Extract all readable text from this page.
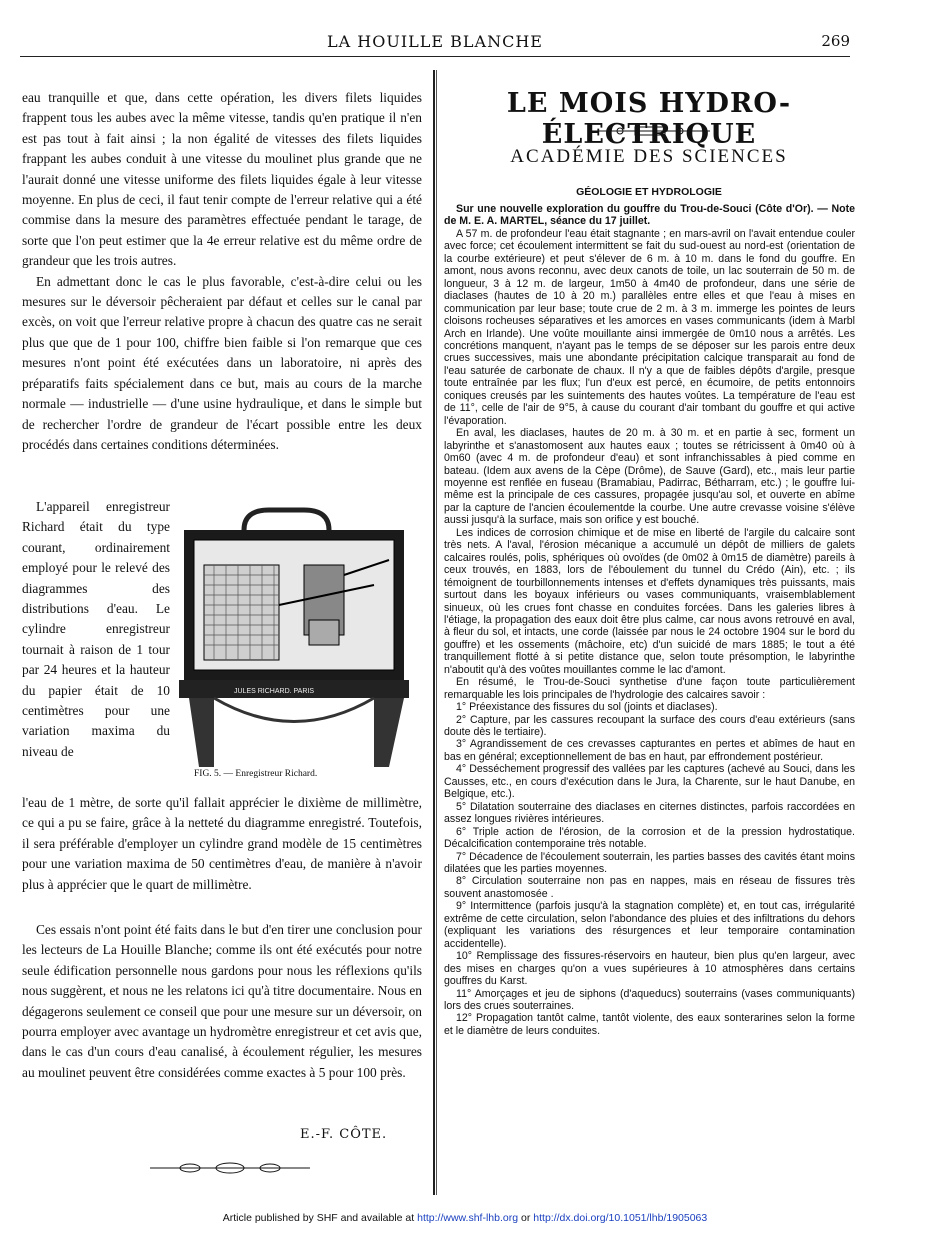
LA HOUILLE BLANCHE	269

eau tranquille et que, dans cette opération, les divers filets liquides frappent tous les aubes avec la même vitesse, tandis qu'en pratique il n'en est pas tout à fait ainsi ; la non égalité de vitesses des filets liquides frappant les aubes conduit à une vitesse du moulinet plus grande que ne l'aurait donné une vitesse uniforme des filets liquides égale à leur vitesse moyenne. En plus de ceci, il faut tenir compte de l'erreur relative qui a été commise dans la mesure des paramètres effectuée pendant le tarage, de sorte que l'on peut estimer que la 4e erreur relative est du même ordre de grandeur que les trois autres.

En admettant donc le cas le plus favorable, c'est-à-dire celui ou les mesures sur le déversoir pêcheraient par défaut et celles sur le canal par excès, on voit que l'erreur relative propre à chacun des quatre cas ne serait plus que que de 1 pour 100, chiffre bien faible si l'on remarque que ces mesures n'ont point été exécutées dans un laboratoire, ni après des préparatifs faits spécialement dans ce but, mais au cours de la marche normale — industrielle — d'une usine hydraulique, et dans le simple but de rechercher l'ordre de grandeur de l'écart possible entre les deux procédés dans certaines conditions déterminées.

L'appareil enregistreur Richard était du type courant, ordinairement employé pour le relevé des diagrammes des distributions d'eau. Le cylindre enregistreur tournait à raison de 1 tour par 24 heures et la hauteur du papier était de 10 centimètres pour une variation maxima du niveau de

JULES RICHARD. PARIS
FIG. 5. — Enregistreur Richard.

l'eau de 1 mètre, de sorte qu'il fallait apprécier le dixième de millimètre, ce qui a pu se faire, grâce à la netteté du diagramme enregistré. Toutefois, il sera préférable d'employer un cylindre grand modèle de 15 centimètres pour une variation maxima de 50 centimètres d'eau, de manière à n'avoir plus à apprécier que le quart de millimètre.

Ces essais n'ont point été faits dans le but d'en tirer une conclusion pour les lecteurs de La Houille Blanche; comme ils ont été exécutés pour notre seule édification personnelle nous gardons pour nous les réflexions qu'ils nous suggèrent, et nous ne les relatons ici qu'à titre documentaire. Nous en dégagerons seulement ce conseil que pour une mesure sur un déversoir, on pourra employer avec avantage un hydromètre enregistreur et cet avis que, dans le cas d'un cours d'eau canalisé, à écoulement régulier, les mesures au moulinet peuvent être considérées comme exactes à 5 pour 100 près.

E.-F. CÔTE.
LE MOIS HYDRO-ÉLECTRIQUE
ACADÉMIE DES SCIENCES
GÉOLOGIE ET HYDROLOGIE

Sur une nouvelle exploration du gouffre du Trou-de-Souci (Côte d'Or). — Note de M. E. A. MARTEL, séance du 17 juillet.

A 57 m. de profondeur l'eau était stagnante ; en mars-avril on l'avait entendue couler avec force; cet écoulement intermittent se fait du sud-ouest au nord-est (orientation de la courbe extérieure) et peut s'élever de 6 m. à 10 m. dans le fond du gouffre. En amont, nous avons reconnu, avec deux canots de toile, un lac souterrain de 50 m. de longueur, 3 à 12 m. de largeur, 1m50 à 4m40 de profondeur, dans une série de diaclases (hautes de 10 à 20 m.) parallèles entre elles et que l'eau à mises en communication par leur base; toute crue de 2 m. à 3 m. immerge les pointes de leurs cloisons rocheuses séparatives et les amorces en vases communicants (idem à Marbl Arch en Irlande). Une voûte mouillante ainsi immergée de 0m10 nous a arrêtés. Les concrétions manquent, n'ayant pas le temps de se déposer sur les parois entre deux crues successives, mais une abondante précipitation calcique transparait au fond de l'eau saturée de carbonate de chaux. Il n'y a que de faibles dépôts d'argile, presque toute entraînée par les flux; l'un d'eux est percé, en écumoire, de petits entonnoirs coniques creusés par les suintements des hautes voûtes. La température de l'eau est de 11°, celle de l'air de 9°5, à cause du courant d'air tombant du gouffre et qui active l'évaporation.

En aval, les diaclases, hautes de 20 m. à 30 m. et en partie à sec, forment un labyrinthe et s'anastomosent aux hautes eaux ; toutes se rétricissent à 0m40 où à 0m60 (avec 4 m. de profondeur d'eau) et sont infranchissables à pied comme en bateau. (Idem aux avens de la Cèpe (Drôme), de Sauve (Gard), etc., mais leur partie moyenne est renflée en fuseau (Bramabiau, Padirrac, Bétharram, etc.) ; le gouffre lui-même est la principale de ces cassures, propagée jusqu'au sol, et ouverte en abîme par la capture de l'ancien écoulementde la courbe. Une autre crevasse voisine s'élève aussi jusqu'à la surface, mais son orifice y est bouché.

Les indices de corrosion chimique et de mise en liberté de l'argile du calcaire sont très nets. A l'aval, l'érosion mécanique a accumulé un dépôt de milliers de galets calcaires roulés, polis, sphériques où ovoïdes (de 0m02 à 0m15 de diamètre) pareils à ceux trouvés, en 1883, lors de l'éboulement du tunnel du Crédo (Ain), etc. ; ils témoignent de tourbillonnements intenses et d'effets dynamiques très puissants, mais surtout dans les boyaux inférieurs ou vases communiquants, vraisemblablement sinueux, où les crues font chasse en conduites forcées. Dans les galeries libres à l'étiage, la propagation des eaux doit être plus calme, car nous avons retrouvé en aval, à fleur du sol, et intacts, une corde (laissée par nous le 24 octobre 1904 sur le bord du gouffre) et les ossements (mâchoire, etc) d'un suicidé de mars 1885; le tout a été tranquillement flotté à si petite distance que, selon toute présomption, le labyrinthe n'aboutit qu'à des voûtes mouillantes comme le lac d'amont.

En résumé, le Trou-de-Souci synthetise d'une façon toute particulièrement remarquable les lois principales de l'hydrologie des calcaires savoir :

1° Préexistance des fissures du sol (joints et diaclases).

2° Capture, par les cassures recoupant la surface des cours d'eau extérieurs (sans doute dès le tertiaire).

3° Agrandissement de ces crevasses capturantes en pertes et abîmes de haut en bas en général; exceptionnellement de bas en haut, par effrondement postérieur.

4° Desséchement progressif des vallées par les captures (achevé au Souci, dans les Causses, etc., en cours d'exécution dans le Jura, la Charente, sur le haut Danube, en Belgique, etc.).

5° Dilatation souterraine des diaclases en citernes distinctes, parfois raccordées en assez longues rivières intérieures.

6° Triple action de l'érosion, de la corrosion et de la pression hydrostatique. Décalcification contemporaine très notable.

7° Décadence de l'écoulement souterrain, les parties basses des cavités étant moins dilatées que les parties moyennes.

8° Circulation souterraine non pas en nappes, mais en réseau de fissures très souvent anastomosée .

9° Intermittence (parfois jusqu'à la stagnation complète) et, en tout cas, irrégularité extrême de cette circulation, selon l'abondance des pluies et des infiltrations du dehors (expliquant les variations des résurgences et leur temporaire contamination accidentelle).

10° Remplissage des fissures-réservoirs en hauteur, bien plus qu'en largeur, avec des mises en charges qu'on a vues supérieures à 10 atmosphères dans certains gouffres du Karst.

11° Amorçages et jeu de siphons (d'aqueducs) souterrains (vases communiquants) lors des crues souterraines.

12° Propagation tantôt calme, tantôt violente, des eaux sonterarines selon la forme et le diamètre de leurs conduites.

Article published by SHF and available at http://www.shf-lhb.org or http://dx.doi.org/10.1051/lhb/1905063
